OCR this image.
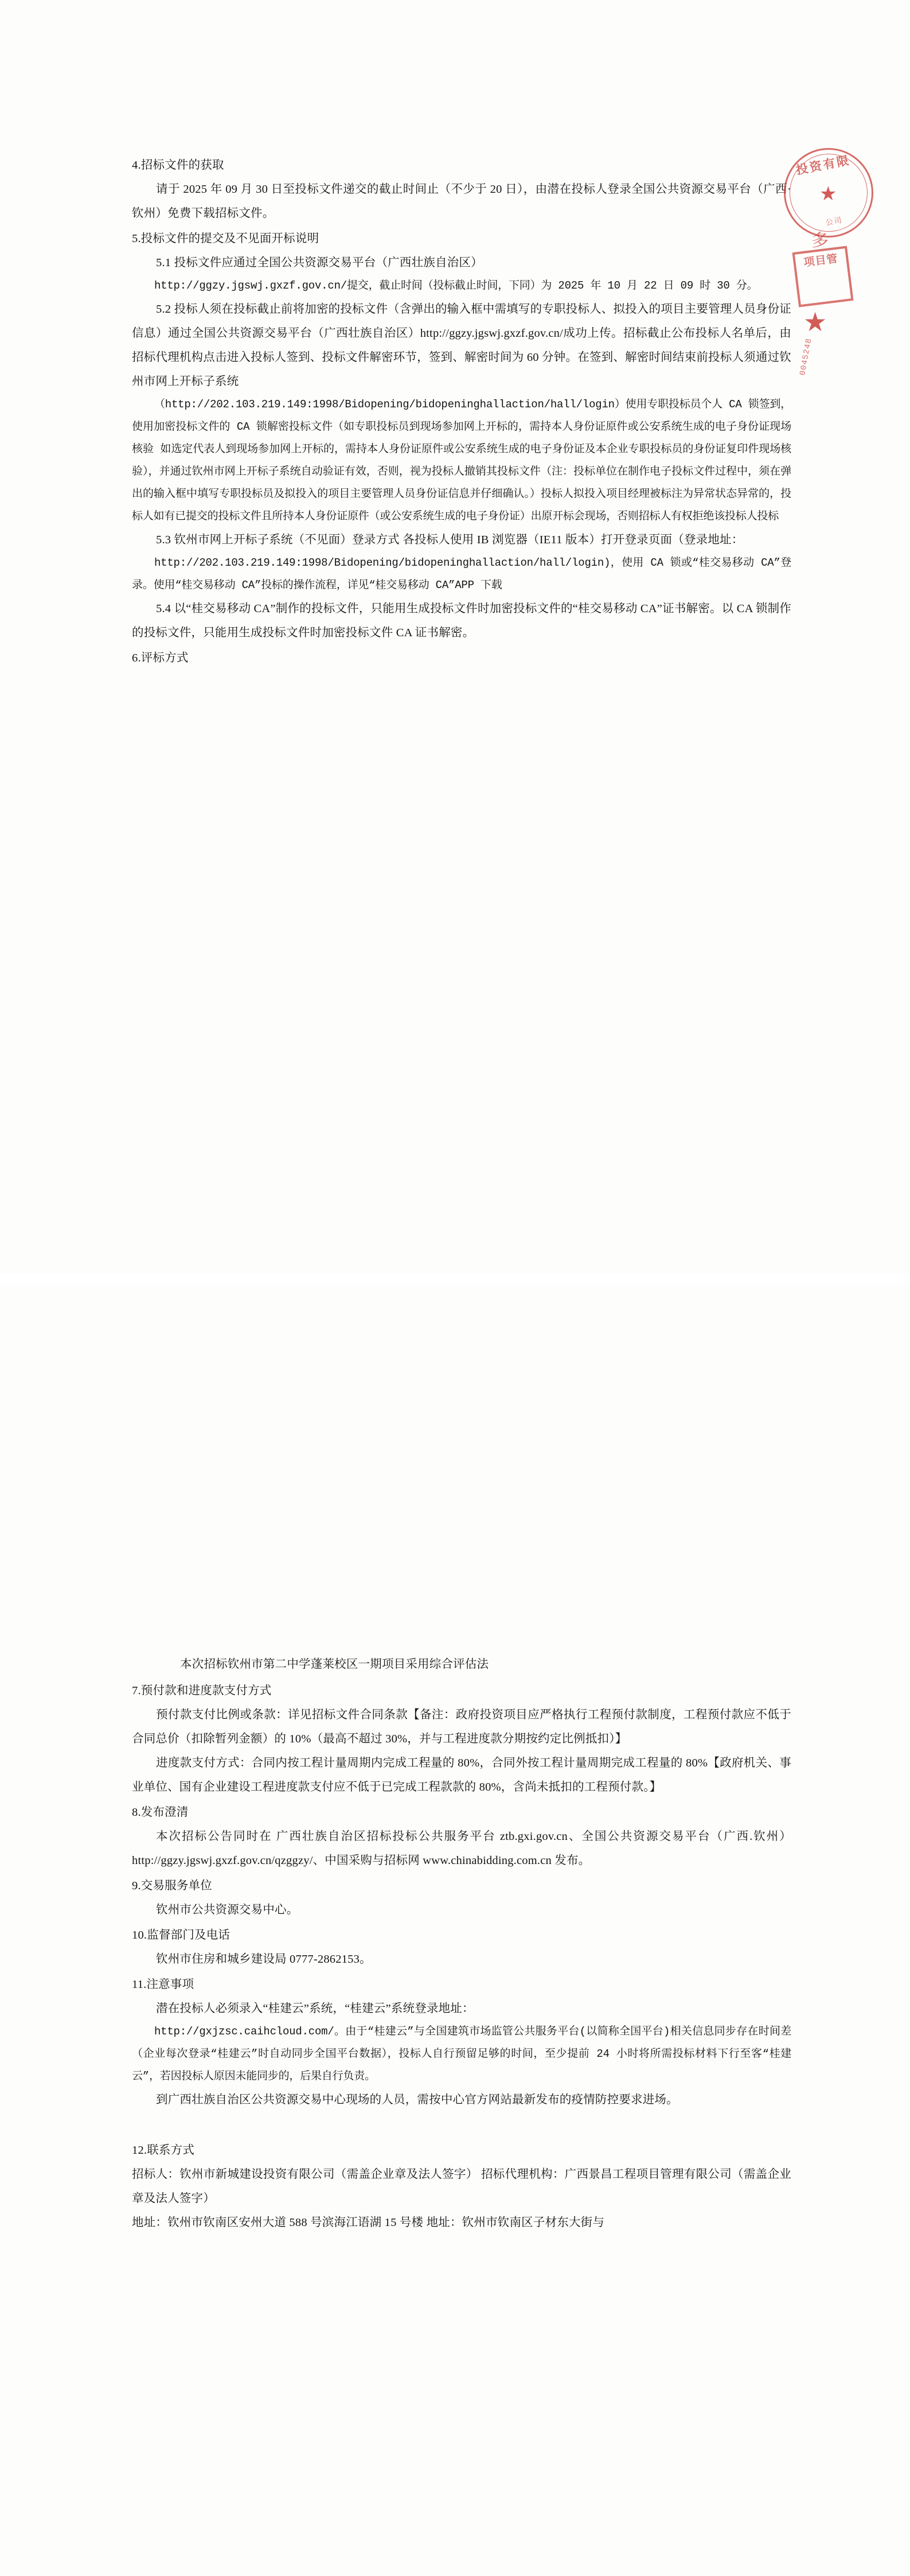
4.招标文件的获取

请于 2025 年 09 月 30 日至投标文件递交的截止时间止（不少于 20 日），由潜在投标人登录全国公共资源交易平台（广西·钦州）免费下载招标文件。

5.投标文件的提交及不见面开标说明

5.1 投标文件应通过全国公共资源交易平台（广西壮族自治区）

http://ggzy.jgswj.gxzf.gov.cn/提交，截止时间（投标截止时间，下同）为 2025 年 10 月 22 日 09 时 30 分。

5.2 投标人须在投标截止前将加密的投标文件（含弹出的输入框中需填写的专职投标人、拟投入的项目主要管理人员身份证信息）通过全国公共资源交易平台（广西壮族自治区）http://ggzy.jgswj.gxzf.gov.cn/成功上传。招标截止公布投标人名单后，由招标代理机构点击进入投标人签到、投标文件解密环节，签到、解密时间为 60 分钟。在签到、解密时间结束前投标人须通过钦州市网上开标子系统

（http://202.103.219.149:1998/Bidopening/bidopeninghallaction/hall/login）使用专职投标员个人 CA 锁签到，使用加密投标文件的 CA 锁解密投标文件（如专职投标员到现场参加网上开标的，需持本人身份证原件或公安系统生成的电子身份证现场核验 如选定代表人到现场参加网上开标的，需持本人身份证原件或公安系统生成的电子身份证及本企业专职投标员的身份证复印件现场核验），并通过钦州市网上开标子系统自动验证有效，否则，视为投标人撤销其投标文件（注：投标单位在制作电子投标文件过程中，须在弹出的输入框中填写专职投标员及拟投入的项目主要管理人员身份证信息并仔细确认。）投标人拟投入项目经理被标注为异常状态异常的，投标人如有已提交的投标文件且所持本人身份证原件（或公安系统生成的电子身份证）出原开标会现场，否则招标人有权拒绝该投标人投标

5.3 钦州市网上开标子系统（不见面）登录方式 各投标人使用 IB 浏览器（IE11 版本）打开登录页面（登录地址：

http://202.103.219.149:1998/Bidopening/bidopeninghallaction/hall/login)，使用 CA 锁或“桂交易移动 CA”登录。使用“桂交易移动 CA”投标的操作流程，详见“桂交易移动 CA”APP 下载

5.4 以“桂交易移动 CA”制作的投标文件，只能用生成投标文件时加密投标文件的“桂交易移动 CA”证书解密。以 CA 锁制作的投标文件，只能用生成投标文件时加密投标文件 CA 证书解密。

6.评标方式

投资有限
公司
★
多
项目管
★
0045248

本次招标钦州市第二中学蓬莱校区一期项目采用综合评估法

7.预付款和进度款支付方式

预付款支付比例或条款：详见招标文件合同条款【备注：政府投资项目应严格执行工程预付款制度，工程预付款应不低于合同总价（扣除暂列金额）的 10%（最高不超过 30%，并与工程进度款分期按约定比例抵扣）】

进度款支付方式：合同内按工程计量周期内完成工程量的 80%，合同外按工程计量周期完成工程量的 80%【政府机关、事业单位、国有企业建设工程进度款支付应不低于已完成工程款款的 80%，含尚未抵扣的工程预付款。】

8.发布澄清

本次招标公告同时在 广西壮族自治区招标投标公共服务平台 ztb.gxi.gov.cn、全国公共资源交易平台（广西.钦州）http://ggzy.jgswj.gxzf.gov.cn/qzggzy/、中国采购与招标网 www.chinabidding.com.cn 发布。

9.交易服务单位

钦州市公共资源交易中心。

10.监督部门及电话

钦州市住房和城乡建设局 0777-2862153。

11.注意事项

潜在投标人必须录入“桂建云”系统，“桂建云”系统登录地址：

http://gxjzsc.caihcloud.com/。由于“桂建云”与全国建筑市场监管公共服务平台(以简称全国平台)相关信息同步存在时间差（企业每次登录“桂建云”时自动同步全国平台数据），投标人自行预留足够的时间，至少提前 24 小时将所需投标材料下行至客“桂建云”，若因投标人原因未能同步的，后果自行负责。

到广西壮族自治区公共资源交易中心现场的人员，需按中心官方网站最新发布的疫情防控要求进场。

12.联系方式

招标人：钦州市新城建设投资有限公司（需盖企业章及法人签字） 招标代理机构：广西景昌工程项目管理有限公司（需盖企业章及法人签字）

地址：钦州市钦南区安州大道 588 号滨海江语湖 15 号楼 地址：钦州市钦南区子材东大街与
